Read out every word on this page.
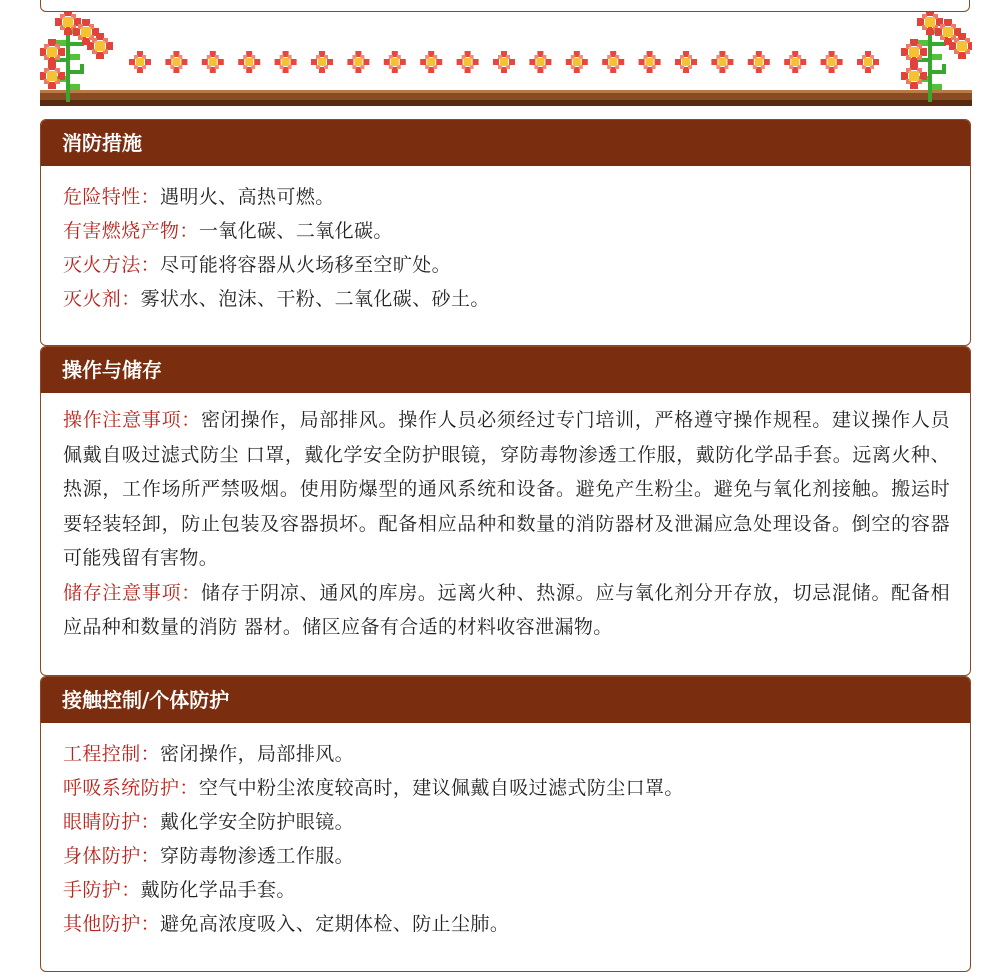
消防措施

危险特性：遇明火、高热可燃。

有害燃烧产物：一氧化碳、二氧化碳。

灭火方法：尽可能将容器从火场移至空旷处。

灭火剂：雾状水、泡沫、干粉、二氧化碳、砂土。

操作与储存

操作注意事项：密闭操作，局部排风。操作人员必须经过专门培训，严格遵守操作规程。建议操作人员佩戴自吸过滤式防尘 口罩，戴化学安全防护眼镜，穿防毒物渗透工作服，戴防化学品手套。远离火种、热源，工作场所严禁吸烟。使用防爆型的通风系统和设备。避免产生粉尘。避免与氧化剂接触。搬运时要轻装轻卸，防止包装及容器损坏。配备相应品种和数量的消防器材及泄漏应急处理设备。倒空的容器可能残留有害物。

储存注意事项：储存于阴凉、通风的库房。远离火种、热源。应与氧化剂分开存放，切忌混储。配备相应品种和数量的消防 器材。储区应备有合适的材料收容泄漏物。

接触控制/个体防护

工程控制：密闭操作，局部排风。

呼吸系统防护：空气中粉尘浓度较高时，建议佩戴自吸过滤式防尘口罩。

眼睛防护：戴化学安全防护眼镜。

身体防护：穿防毒物渗透工作服。

手防护：戴防化学品手套。

其他防护：避免高浓度吸入、定期体检、防止尘肺。
